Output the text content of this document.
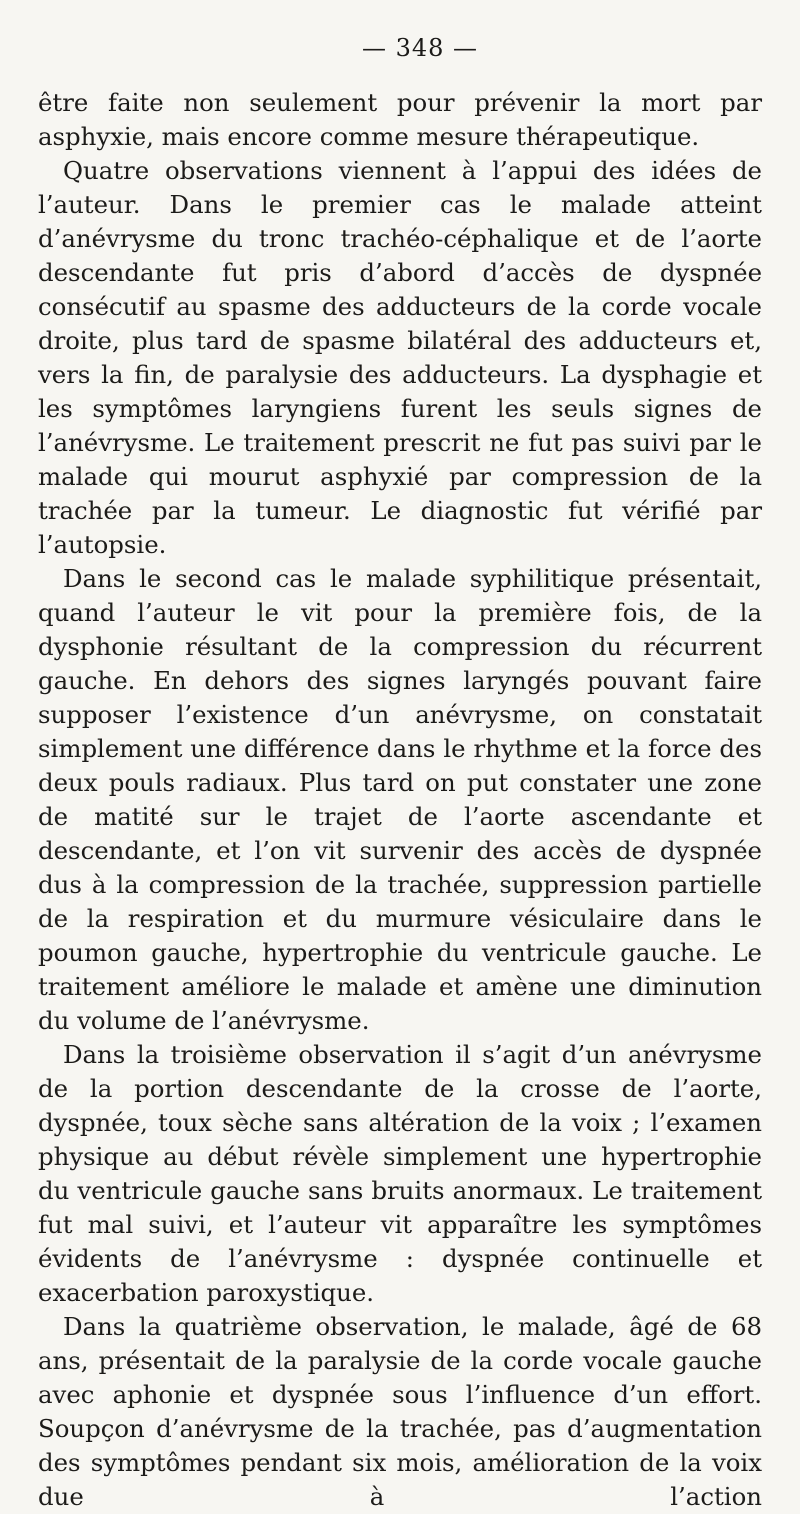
— 348 —

être faite non seulement pour prévenir la mort par asphyxie, mais encore comme mesure thérapeutique.

Quatre observations viennent à l’appui des idées de l’auteur. Dans le premier cas le malade atteint d’anévrysme du tronc trachéo-céphalique et de l’aorte descendante fut pris d’abord d’accès de dyspnée consécutif au spasme des adducteurs de la corde vocale droite, plus tard de spasme bilatéral des adducteurs et, vers la fin, de paralysie des adducteurs. La dysphagie et les symptômes laryngiens furent les seuls signes de l’anévrysme. Le traitement prescrit ne fut pas suivi par le malade qui mourut asphyxié par compression de la trachée par la tumeur. Le diagnostic fut vérifié par l’autopsie.

Dans le second cas le malade syphilitique présentait, quand l’auteur le vit pour la première fois, de la dysphonie résultant de la compression du récurrent gauche. En dehors des signes laryngés pouvant faire supposer l’existence d’un anévrysme, on constatait simplement une différence dans le rhythme et la force des deux pouls radiaux. Plus tard on put constater une zone de matité sur le trajet de l’aorte ascendante et descendante, et l’on vit survenir des accès de dyspnée dus à la compression de la trachée, suppression partielle de la respiration et du murmure vésiculaire dans le poumon gauche, hypertrophie du ventricule gauche. Le traitement améliore le malade et amène une diminution du volume de l’anévrysme.

Dans la troisième observation il s’agit d’un anévrysme de la portion descendante de la crosse de l’aorte, dyspnée, toux sèche sans altération de la voix ; l’examen physique au début révèle simplement une hypertrophie du ventricule gauche sans bruits anormaux. Le traitement fut mal suivi, et l’auteur vit apparaître les symptômes évidents de l’anévrysme : dyspnée continuelle et exacerbation paroxystique.

Dans la quatrième observation, le malade, âgé de 68 ans, présentait de la paralysie de la corde vocale gauche avec aphonie et dyspnée sous l’influence d’un effort. Soupçon d’anévrysme de la trachée, pas d’augmentation des symptômes pendant six mois, amélioration de la voix due à l’action
